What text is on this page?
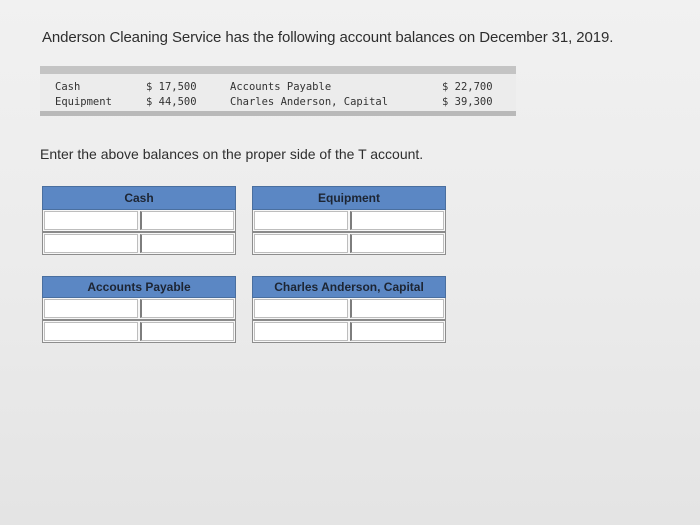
Anderson Cleaning Service has the following account balances on December 31, 2019.
Cash
Equipment
$ 17,500
$ 44,500
Accounts Payable
Charles Anderson, Capital
$ 22,700
$ 39,300
Enter the above balances on the proper side of the T account.
Cash	Equipment
Accounts Payable	Charles Anderson, Capital
